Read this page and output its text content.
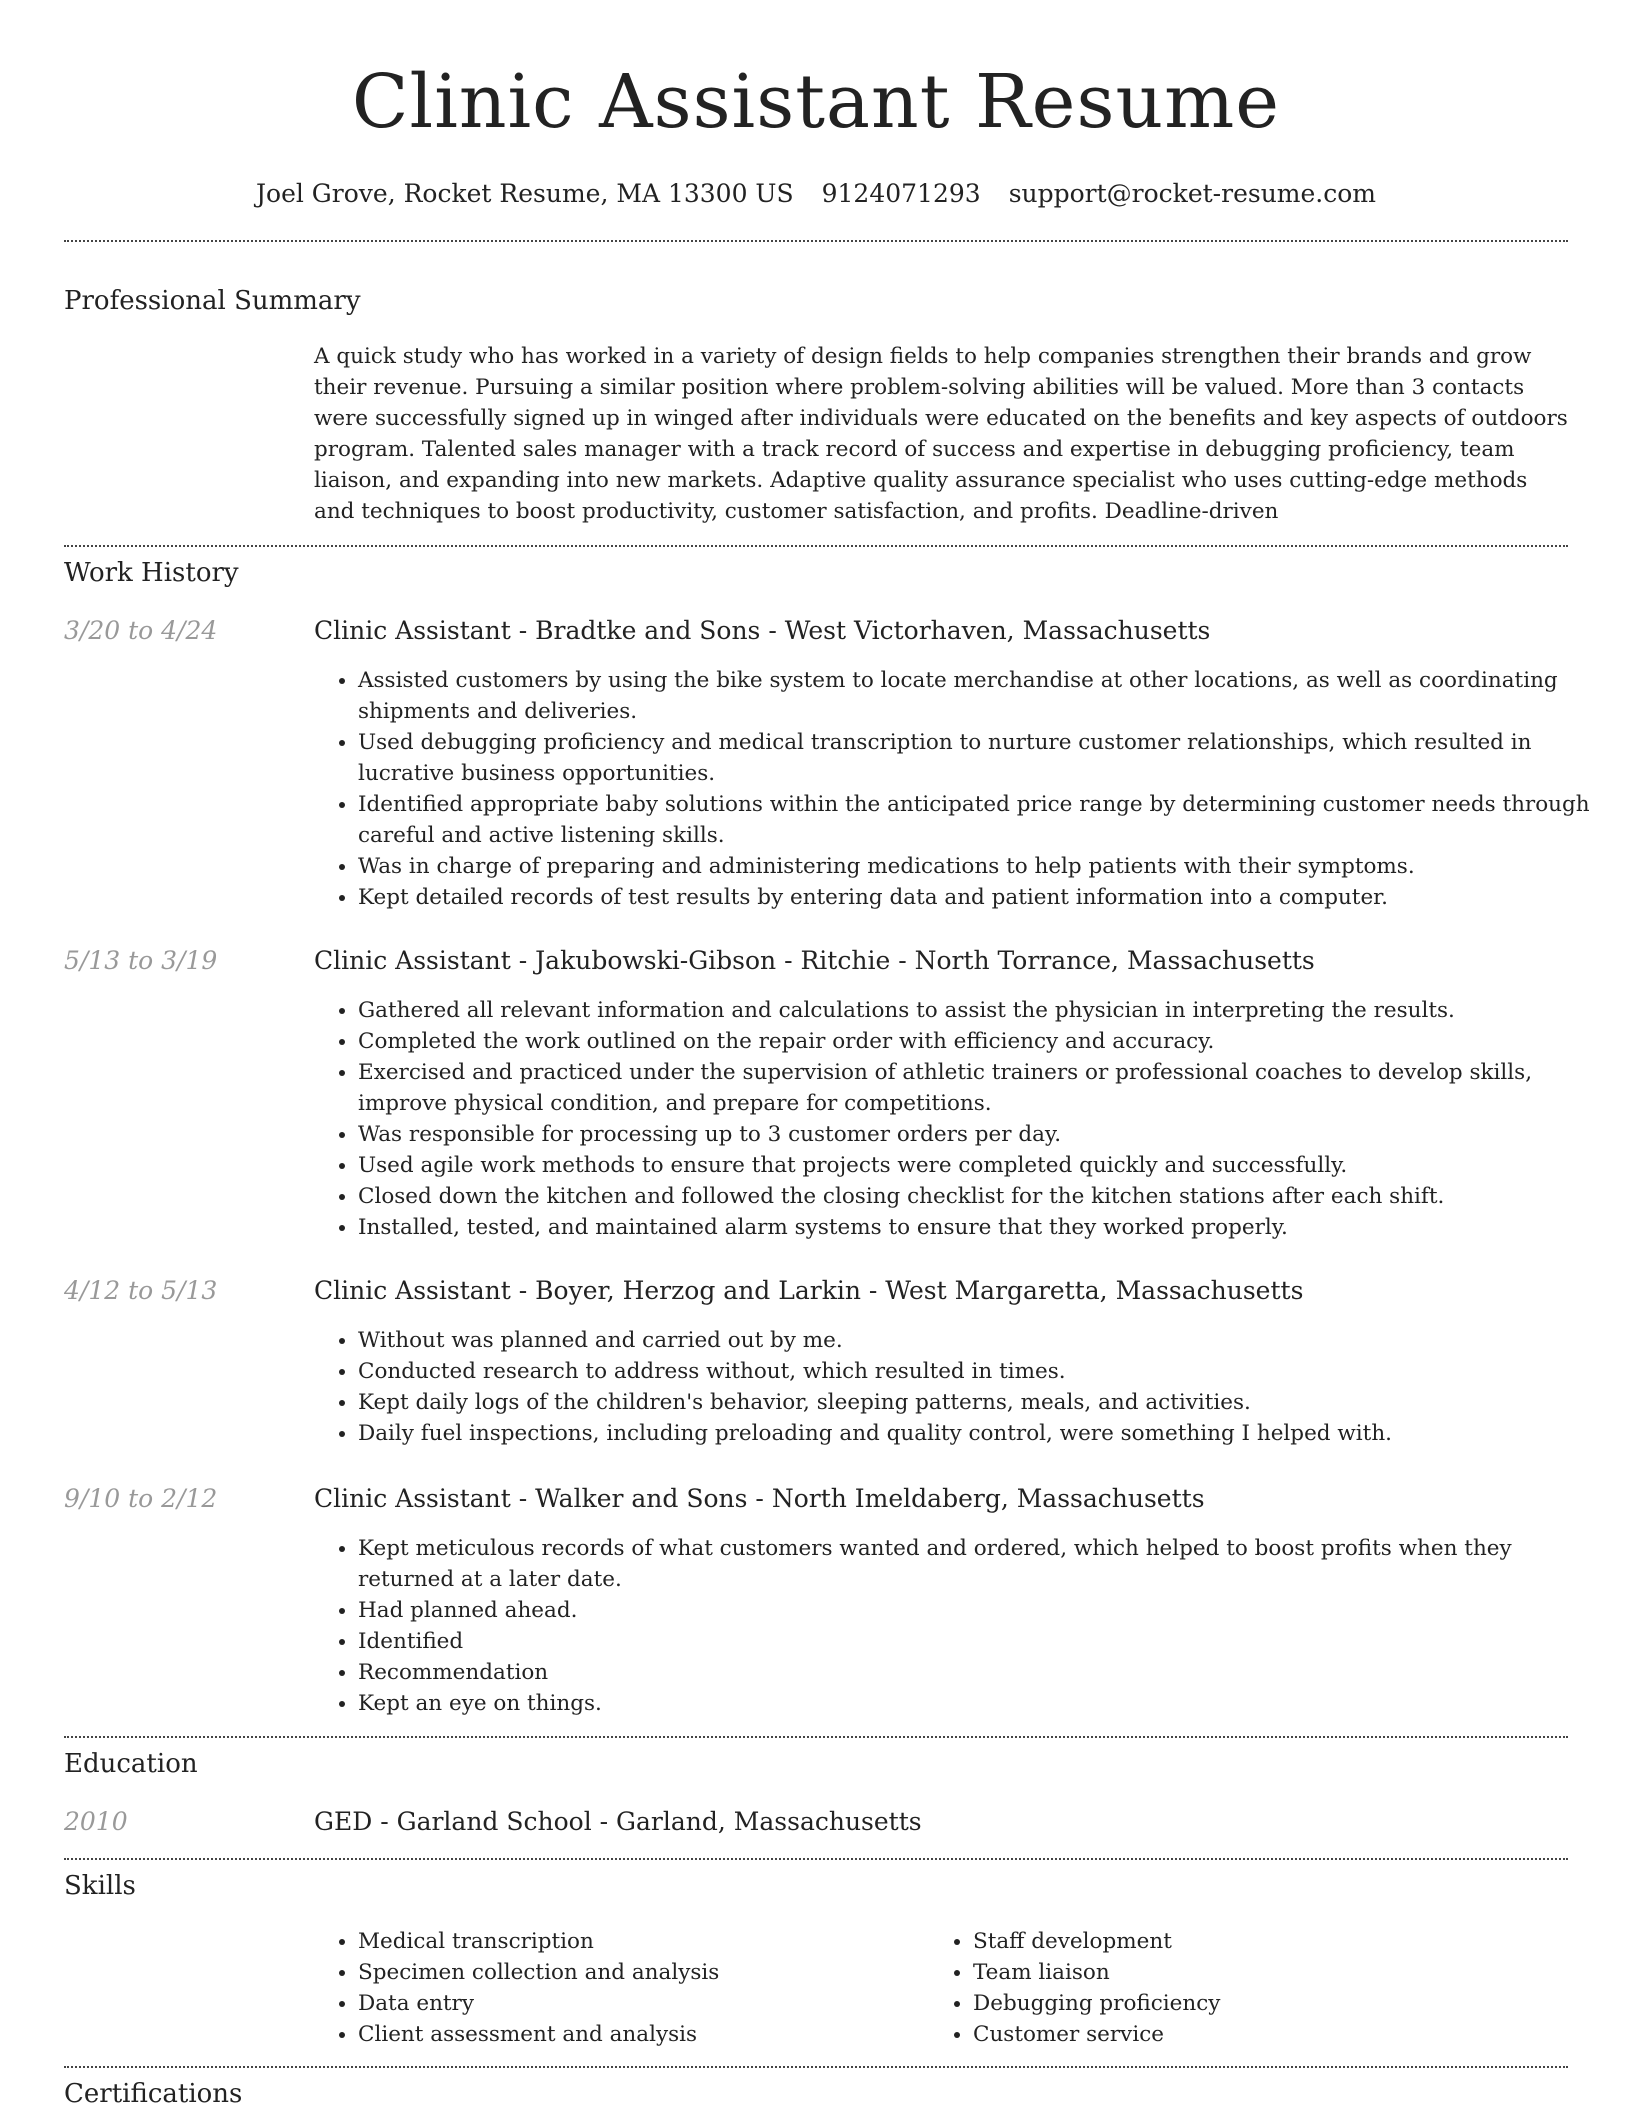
Clinic Assistant Resume
Joel Grove, Rocket Resume, MA 13300 US 9124071293 support@rocket-resume.com
Professional Summary

A quick study who has worked in a variety of design fields to help companies strengthen their brands and grow their revenue. Pursuing a similar position where problem-solving abilities will be valued. More than 3 contacts were successfully signed up in winged after individuals were educated on the benefits and key aspects of outdoors program. Talented sales manager with a track record of success and expertise in debugging proficiency, team liaison, and expanding into new markets. Adaptive quality assurance specialist who uses cutting-edge methods and techniques to boost productivity, customer satisfaction, and profits. Deadline-driven

Work History
3/20 to 4/24	Clinic Assistant - Bradtke and Sons - West Victorhaven, Massachusetts
• Assisted customers by using the bike system to locate merchandise at other locations, as well as coordinating shipments and deliveries.
• Used debugging proficiency and medical transcription to nurture customer relationships, which resulted in lucrative business opportunities.
• Identified appropriate baby solutions within the anticipated price range by determining customer needs through careful and active listening skills.
• Was in charge of preparing and administering medications to help patients with their symptoms.
• Kept detailed records of test results by entering data and patient information into a computer.
5/13 to 3/19	Clinic Assistant - Jakubowski-Gibson - Ritchie - North Torrance, Massachusetts
• Gathered all relevant information and calculations to assist the physician in interpreting the results.
• Completed the work outlined on the repair order with efficiency and accuracy.
• Exercised and practiced under the supervision of athletic trainers or professional coaches to develop skills, improve physical condition, and prepare for competitions.
• Was responsible for processing up to 3 customer orders per day.
• Used agile work methods to ensure that projects were completed quickly and successfully.
• Closed down the kitchen and followed the closing checklist for the kitchen stations after each shift.
• Installed, tested, and maintained alarm systems to ensure that they worked properly.
4/12 to 5/13	Clinic Assistant - Boyer, Herzog and Larkin - West Margaretta, Massachusetts
• Without was planned and carried out by me.
• Conducted research to address without, which resulted in times.
• Kept daily logs of the children's behavior, sleeping patterns, meals, and activities.
• Daily fuel inspections, including preloading and quality control, were something I helped with.
9/10 to 2/12	Clinic Assistant - Walker and Sons - North Imeldaberg, Massachusetts
• Kept meticulous records of what customers wanted and ordered, which helped to boost profits when they returned at a later date.
• Had planned ahead.
• Identified
• Recommendation
• Kept an eye on things.
Education
2010	GED - Garland School - Garland, Massachusetts
Skills
• Medical transcription
• Specimen collection and analysis
• Data entry
• Client assessment and analysis
• Staff development
• Team liaison
• Debugging proficiency
• Customer service
Certifications
